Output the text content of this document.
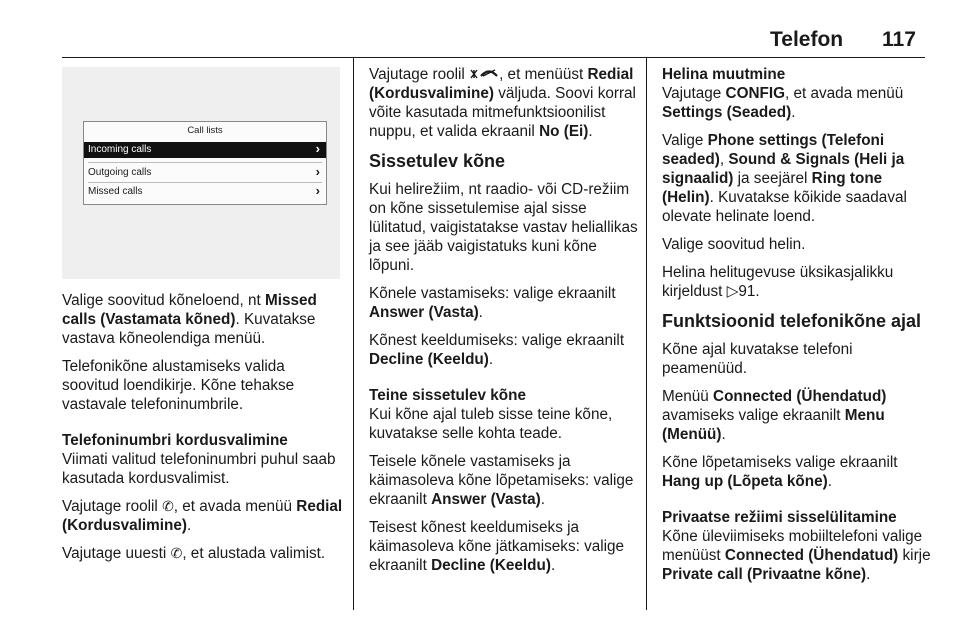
Telefon 117
Call lists
Incoming calls	›
Outgoing calls	›
Missed calls	›

Valige soovitud kõneloend, nt Missed calls (Vastamata kõned). Kuvatakse vastava kõneolendiga menüü.

Telefonikõne alustamiseks valida soovitud loendikirje. Kõne tehakse vastavale telefoninumbrile.

Telefoninumbri kordusvalimine

Viimati valitud telefoninumbri puhul saab kasutada kordusvalimist.

Vajutage roolil ✆, et avada menüü Redial (Kordusvalimine).

Vajutage uuesti ✆, et alustada valimist.

Vajutage roolil , et menüüst Redial (Kordusvalimine) väljuda. Soovi korral võite kasutada mitmefunktsioonilist nuppu, et valida ekraanil No (Ei).

Sissetulev kõne

Kui helirežiim, nt raadio- või CD-režiim on kõne sissetulemise ajal sisse lülitatud, vaigistatakse vastav heliallikas ja see jääb vaigistatuks kuni kõne lõpuni.

Kõnele vastamiseks: valige ekraanilt Answer (Vasta).

Kõnest keeldumiseks: valige ekraanilt Decline (Keeldu).

Teine sissetulev kõne

Kui kõne ajal tuleb sisse teine kõne, kuvatakse selle kohta teade.

Teisele kõnele vastamiseks ja käimasoleva kõne lõpetamiseks: valige ekraanilt Answer (Vasta).

Teisest kõnest keeldumiseks ja käimasoleva kõne jätkamiseks: valige ekraanilt Decline (Keeldu).

Helina muutmine

Vajutage CONFIG, et avada menüü Settings (Seaded).

Valige Phone settings (Telefoni seaded), Sound & Signals (Heli ja signaalid) ja seejärel Ring tone (Helin). Kuvatakse kõikide saadaval olevate helinate loend.

Valige soovitud helin.

Helina helitugevuse üksikasjalikku kirjeldust ▷91.

Funktsioonid telefonikõne ajal

Kõne ajal kuvatakse telefoni peamenüüd.

Menüü Connected (Ühendatud) avamiseks valige ekraanilt Menu (Menüü).

Kõne lõpetamiseks valige ekraanilt Hang up (Lõpeta kõne).

Privaatse režiimi sisselülitamine

Kõne üleviimiseks mobiiltelefoni valige menüüst Connected (Ühendatud) kirje Private call (Privaatne kõne).
